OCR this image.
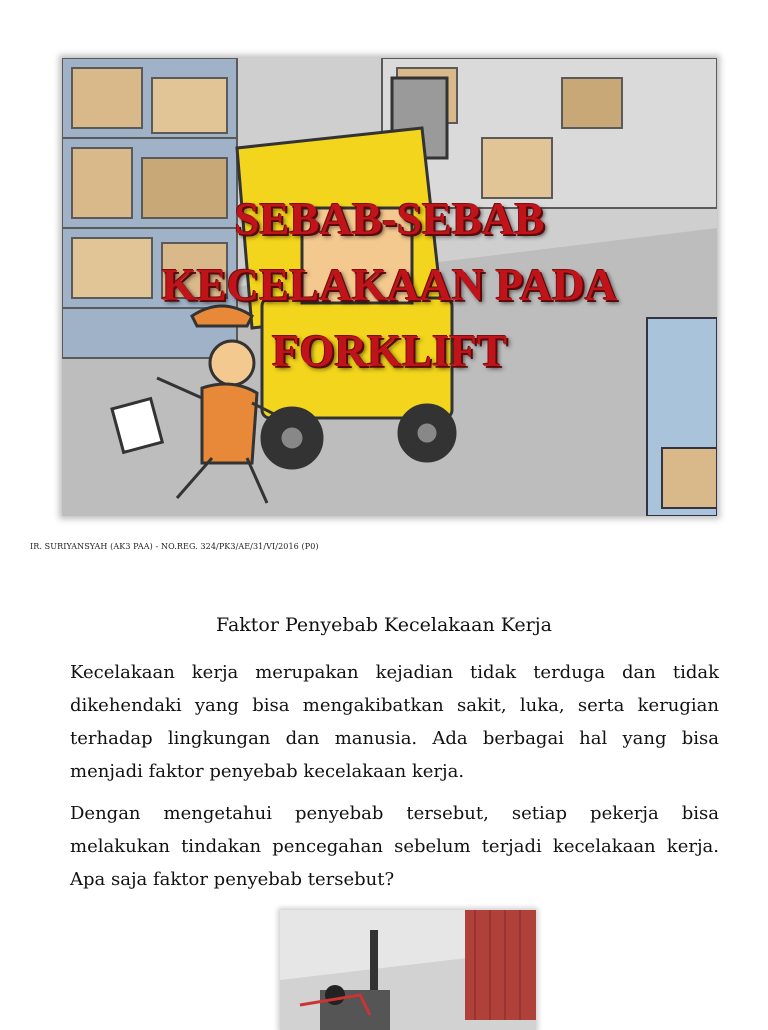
SEBAB-SEBAB
KECELAKAAN PADA
FORKLIFT
IR. SURIYANSYAH (AK3 PAA) - NO.REG. 324/PK3/AE/31/VI/2016 (P0)
Faktor Penyebab Kecelakaan Kerja

Kecelakaan kerja merupakan kejadian tidak terduga dan tidak dikehendaki yang bisa mengakibatkan sakit, luka, serta kerugian terhadap lingkungan dan manusia. Ada berbagai hal yang bisa menjadi faktor penyebab kecelakaan kerja.

Dengan mengetahui penyebab tersebut, setiap pekerja bisa melakukan tindakan pencegahan sebelum terjadi kecelakaan kerja. Apa saja faktor penyebab tersebut?
